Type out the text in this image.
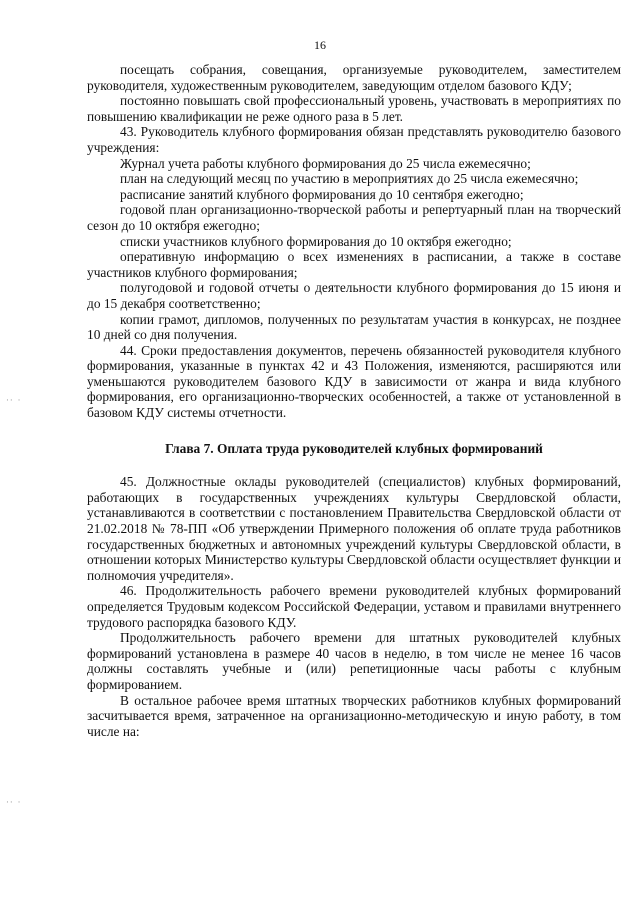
16

посещать собрания, совещания, организуемые руководителем, заместителем руководителя, художественным руководителем, заведующим отделом базового КДУ;

постоянно повышать свой профессиональный уровень, участвовать в мероприятиях по повышению квалификации не реже одного раза в 5 лет.

43. Руководитель клубного формирования обязан представлять руководителю базового учреждения:

Журнал учета работы клубного формирования до 25 числа ежемесячно;

план на следующий месяц по участию в мероприятиях до 25 числа ежемесячно;

расписание занятий клубного формирования до 10 сентября ежегодно;

годовой план организационно-творческой работы и репертуарный план на творческий сезон до 10 октября ежегодно;

списки участников клубного формирования до 10 октября ежегодно;

оперативную информацию о всех изменениях в расписании, а также в составе участников клубного формирования;

полугодовой и годовой отчеты о деятельности клубного формирования до 15 июня и до 15 декабря соответственно;

копии грамот, дипломов, полученных по результатам участия в конкурсах, не позднее 10 дней со дня получения.

44. Сроки предоставления документов, перечень обязанностей руководителя клубного формирования, указанные в пунктах 42 и 43 Положения, изменяются, расширяются или уменьшаются руководителем базового КДУ в зависимости от жанра и вида клубного формирования, его организационно-творческих особенностей, а также от установленной в базовом КДУ системы отчетности.

Глава 7. Оплата труда руководителей клубных формирований

45. Должностные оклады руководителей (специалистов) клубных формирований, работающих в государственных учреждениях культуры Свердловской области, устанавливаются в соответствии с постановлением Правительства Свердловской области от 21.02.2018 № 78-ПП «Об утверждении Примерного положения об оплате труда работников государственных бюджетных и автономных учреждений культуры Свердловской области, в отношении которых Министерство культуры Свердловской области осуществляет функции и полномочия учредителя».

46. Продолжительность рабочего времени руководителей клубных формирований определяется Трудовым кодексом Российской Федерации, уставом и правилами внутреннего трудового распорядка базового КДУ.

Продолжительность рабочего времени для штатных руководителей клубных формирований установлена в размере 40 часов в неделю, в том числе не менее 16 часов должны составлять учебные и (или) репетиционные часы работы с клубным формированием.

В остальное рабочее время штатных творческих работников клубных формирований засчитывается время, затраченное на организационно-методическую и иную работу, в том числе на:

·· ·
·· ·
